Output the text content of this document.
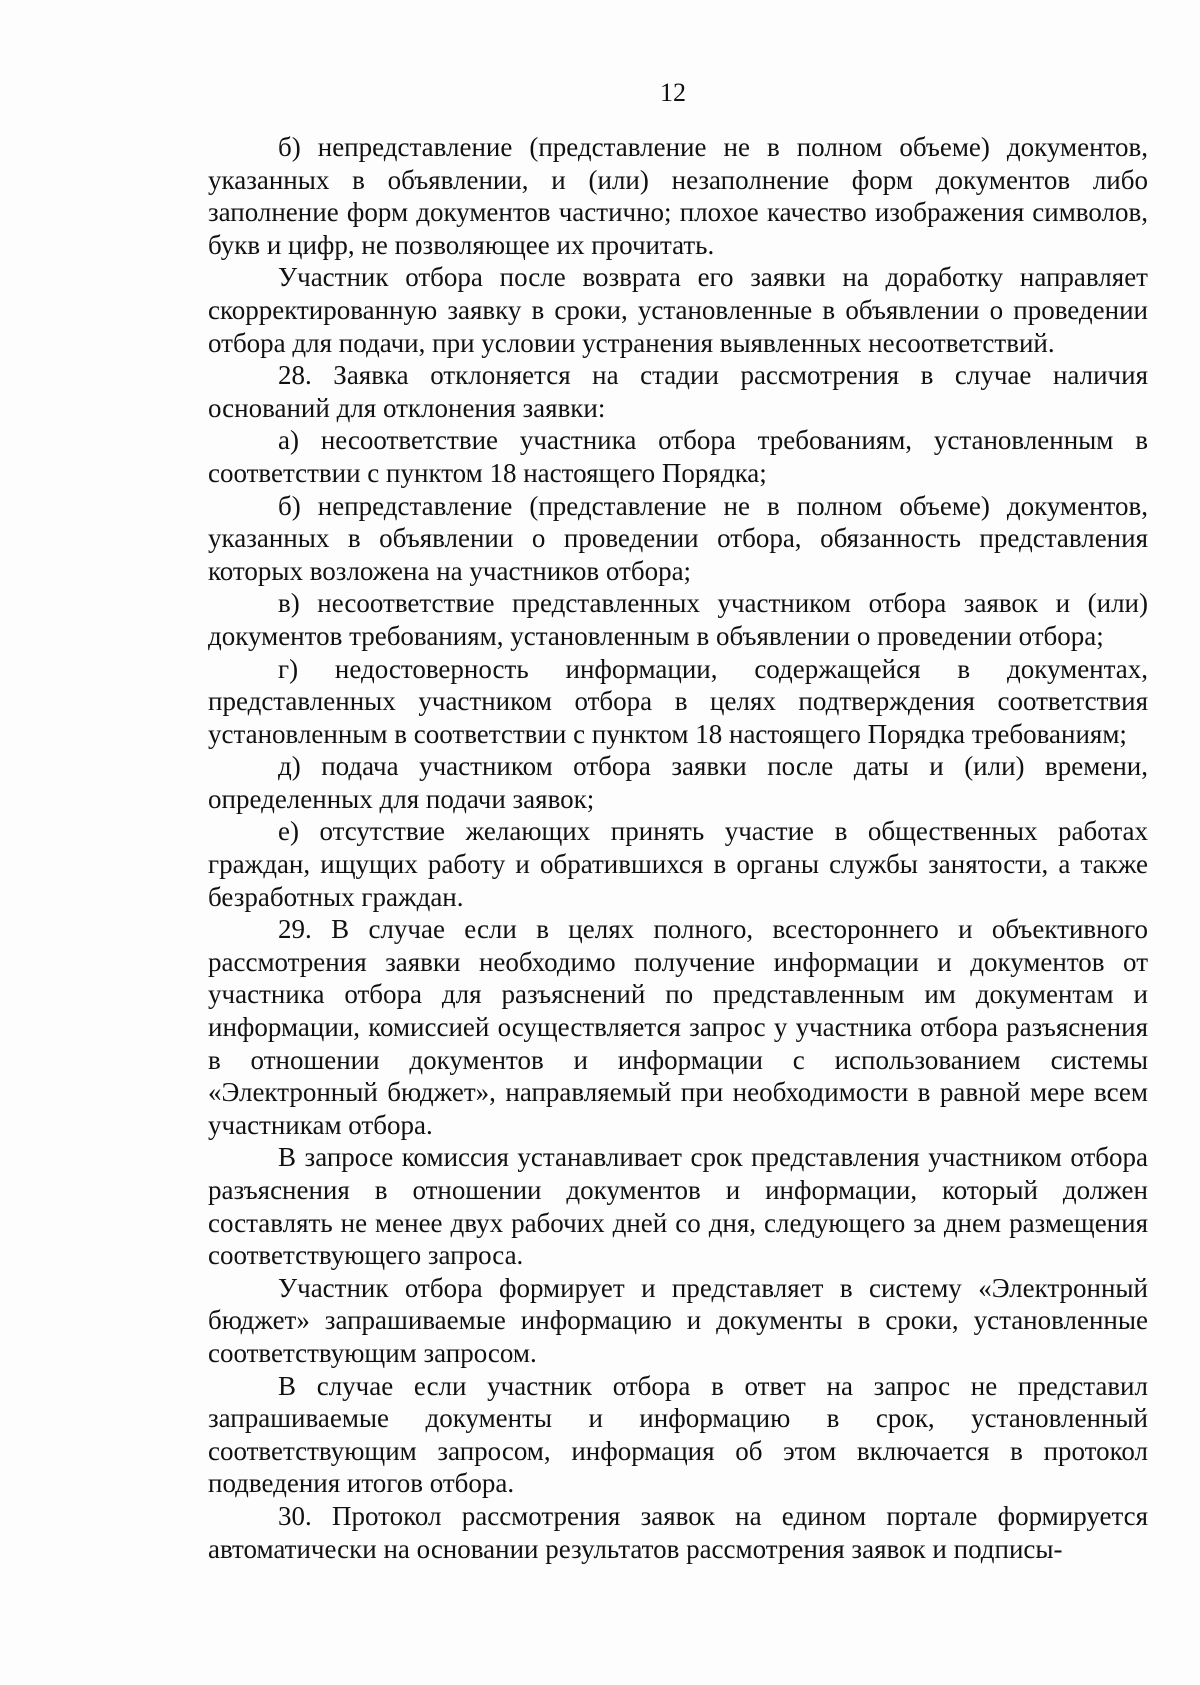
12

б) непредставление (представление не в полном объеме) документов, указанных в объявлении, и (или) незаполнение форм документов либо заполнение форм документов частично; плохое качество изображения символов, букв и цифр, не позволяющее их прочитать.

Участник отбора после возврата его заявки на доработку направляет скорректированную заявку в сроки, установленные в объявлении о проведении отбора для подачи, при условии устранения выявленных несоответствий.

28. Заявка отклоняется на стадии рассмотрения в случае наличия оснований для отклонения заявки:

а) несоответствие участника отбора требованиям, установленным в соответствии с пунктом 18 настоящего Порядка;

б) непредставление (представление не в полном объеме) документов, указанных в объявлении о проведении отбора, обязанность представления которых возложена на участников отбора;

в) несоответствие представленных участником отбора заявок и (или) документов требованиям, установленным в объявлении о проведении отбора;

г) недостоверность информации, содержащейся в документах, представленных участником отбора в целях подтверждения соответствия установленным в соответствии с пунктом 18 настоящего Порядка требованиям;

д) подача участником отбора заявки после даты и (или) времени, определенных для подачи заявок;

е) отсутствие желающих принять участие в общественных работах граждан, ищущих работу и обратившихся в органы службы занятости, а также безработных граждан.

29. В случае если в целях полного, всестороннего и объективного рассмотрения заявки необходимо получение информации и документов от участника отбора для разъяснений по представленным им документам и информации, комиссией осуществляется запрос у участника отбора разъяснения в отношении документов и информации с использованием системы «Электронный бюджет», направляемый при необходимости в равной мере всем участникам отбора.

В запросе комиссия устанавливает срок представления участником отбора разъяснения в отношении документов и информации, который должен составлять не менее двух рабочих дней со дня, следующего за днем размещения соответствующего запроса.

Участник отбора формирует и представляет в систему «Электронный бюджет» запрашиваемые информацию и документы в сроки, установленные соответствующим запросом.

В случае если участник отбора в ответ на запрос не представил запрашиваемые документы и информацию в срок, установленный соответствующим запросом, информация об этом включается в протокол подведения итогов отбора.

30. Протокол рассмотрения заявок на едином портале формируется автоматически на основании результатов рассмотрения заявок и подписы-
